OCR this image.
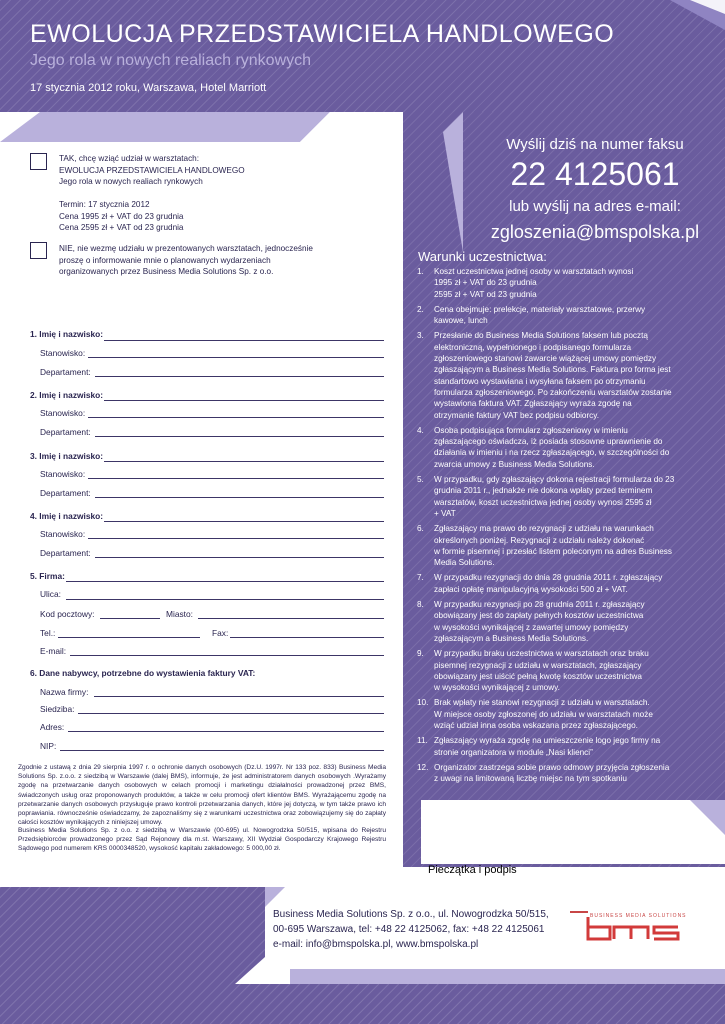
EWOLUCJA PRZEDSTAWICIELA HANDLOWEGO
Jego rola w nowych realiach rynkowych
17 stycznia 2012 roku, Warszawa, Hotel Marriott
Wyślij dziś na numer faksu
22 4125061
lub wyślij na adres e-mail:
zgloszenia@bmspolska.pl
Warunki uczestnictwa:
1. Koszt uczestnictwa jednej osoby w warsztatach wynosi
1995 zł + VAT do 23 grudnia
2595 zł + VAT od 23 grudnia
2. Cena obejmuje: prelekcje, materiały warsztatowe, przerwy
kawowe, lunch
3. Przesłanie do Business Media Solutions faksem lub pocztą
elektroniczną, wypełnionego i podpisanego formularza
zgłoszeniowego stanowi zawarcie wiążącej umowy pomiędzy
zgłaszającym a Business Media Solutions. Faktura pro forma jest
standartowo wystawiana i wysyłana faksem po otrzymaniu
formularza zgłoszeniowego. Po zakończeniu warsztatów zostanie
wystawiona faktura VAT. Zgłaszający wyraża zgodę na
otrzymanie faktury VAT bez podpisu odbiorcy.
4. Osoba podpisująca formularz zgłoszeniowy w imieniu
zgłaszającego oświadcza, iż posiada stosowne uprawnienie do
działania w imieniu i na rzecz zgłaszającego, w szczególności do
zwarcia umowy z Business Media Solutions.
5. W przypadku, gdy zgłaszający dokona rejestracji formularza do 23
grudnia 2011 r., jednakże nie dokona wpłaty przed terminem
warsztatów, koszt uczestnictwa jednej osoby wynosi 2595 zł
+ VAT
6. Zgłaszający ma prawo do rezygnacji z udziału na warunkach
określonych poniżej. Rezygnacji z udziału należy dokonać
w formie pisemnej i przesłać listem poleconym na adres Business
Media Solutions.
7. W przypadku rezygnacji do dnia 28 grudnia 2011 r. zgłaszający
zapłaci opłatę manipulacyjną wysokości 500 zł + VAT.
8. W przypadku rezygnacji po 28 grudnia 2011 r. zgłaszający
obowiązany jest do zapłaty pełnych kosztów uczestnictwa
w wysokości wynikającej z zawartej umowy pomiędzy
zgłaszającym a Business Media Solutions.
9. W przypadku braku uczestnictwa w warsztatach oraz braku
pisemnej rezygnacji z udziału w warsztatach, zgłaszający
obowiązany jest uiścić pełną kwotę kosztów uczestnictwa
w wysokości wynikającej z umowy.
10. Brak wpłaty nie stanowi rezygnacji z udziału w warsztatach.
W miejsce osoby zgłoszonej do udziału w warsztatach może
wziąć udział inna osoba wskazana przez zgłaszającego.
11. Zgłaszający wyraża zgodę na umieszczenie logo jego firmy na
stronie organizatora w module „Nasi klienci”
12. Organizator zastrzega sobie prawo odmowy przyjęcia zgłoszenia
z uwagi na limitowaną liczbę miejsc na tym spotkaniu
Pieczątka i podpis
TAK, chcę wziąć udział w warsztatach:
EWOLUCJA PRZEDSTAWICIELA HANDLOWEGO
Jego rola w nowych realiach rynkowych
Termin: 17 stycznia 2012
Cena 1995 zł + VAT do 23 grudnia
Cena 2595 zł + VAT od 23 grudnia
NIE, nie wezmę udziału w prezentowanych warsztatach, jednocześnie
proszę o informowanie mnie o planowanych wydarzeniach
organizowanych przez Business Media Solutions Sp. z o.o.
1. Imię i nazwisko:
Stanowisko:
Departament:
2. Imię i nazwisko:
Stanowisko:
Departament:
3. Imię i nazwisko:
Stanowisko:
Departament:
4. Imię i nazwisko:
Stanowisko:
Departament:
5. Firma:
Ulica:
Kod pocztowy:	Miasto:
Tel.:	Fax:
E-mail:
6. Dane nabywcy, potrzebne do wystawienia faktury VAT:
Nazwa firmy:
Siedziba:
Adres:
NIP:
Zgodnie z ustawą z dnia 29 sierpnia 1997 r. o ochronie danych osobowych (Dz.U. 1997r. Nr 133 poz. 833) Business Media Solutions Sp. z.o.o. z siedzibą w Warszawie (dalej BMS), informuje, że jest administratorem danych osobowych .Wyrażamy zgodę na przetwarzanie danych osobowych w celach promocji i marketingu działalności prowadzonej przez BMS, świadczonych usług oraz proponowanych produktów, a także w celu promocji ofert klientów BMS. Wyrażającemu zgodę na przetwarzanie danych osobowych przysługuje prawo kontroli przetwarzania danych, które jej dotyczą, w tym także prawo ich poprawiania. równocześnie oświadczamy, że zapoznaliśmy się z warunkami uczestnictwa oraz zobowiązujemy się do zapłaty całości kosztów wynikających z niniejszej umowy.
Business Media Solutions Sp. z o.o. z siedzibą w Warszawie (00-695) ul. Nowogrodzka 50/515, wpisana do Rejestru Przedsiębiorców prowadzonego przez Sąd Rejonowy dla m.st. Warszawy, XII Wydział Gospodarczy Krajowego Rejestru Sądowego pod numerem KRS 0000348520, wysokość kapitału zakładowego: 5 000,00 zł.
Business Media Solutions Sp. z o.o., ul. Nowogrodzka 50/515,
00-695 Warszawa, tel: +48 22 4125062, fax: +48 22 4125061
e-mail: info@bmspolska.pl, www.bmspolska.pl
BUSINESS MEDIA SOLUTIONS
